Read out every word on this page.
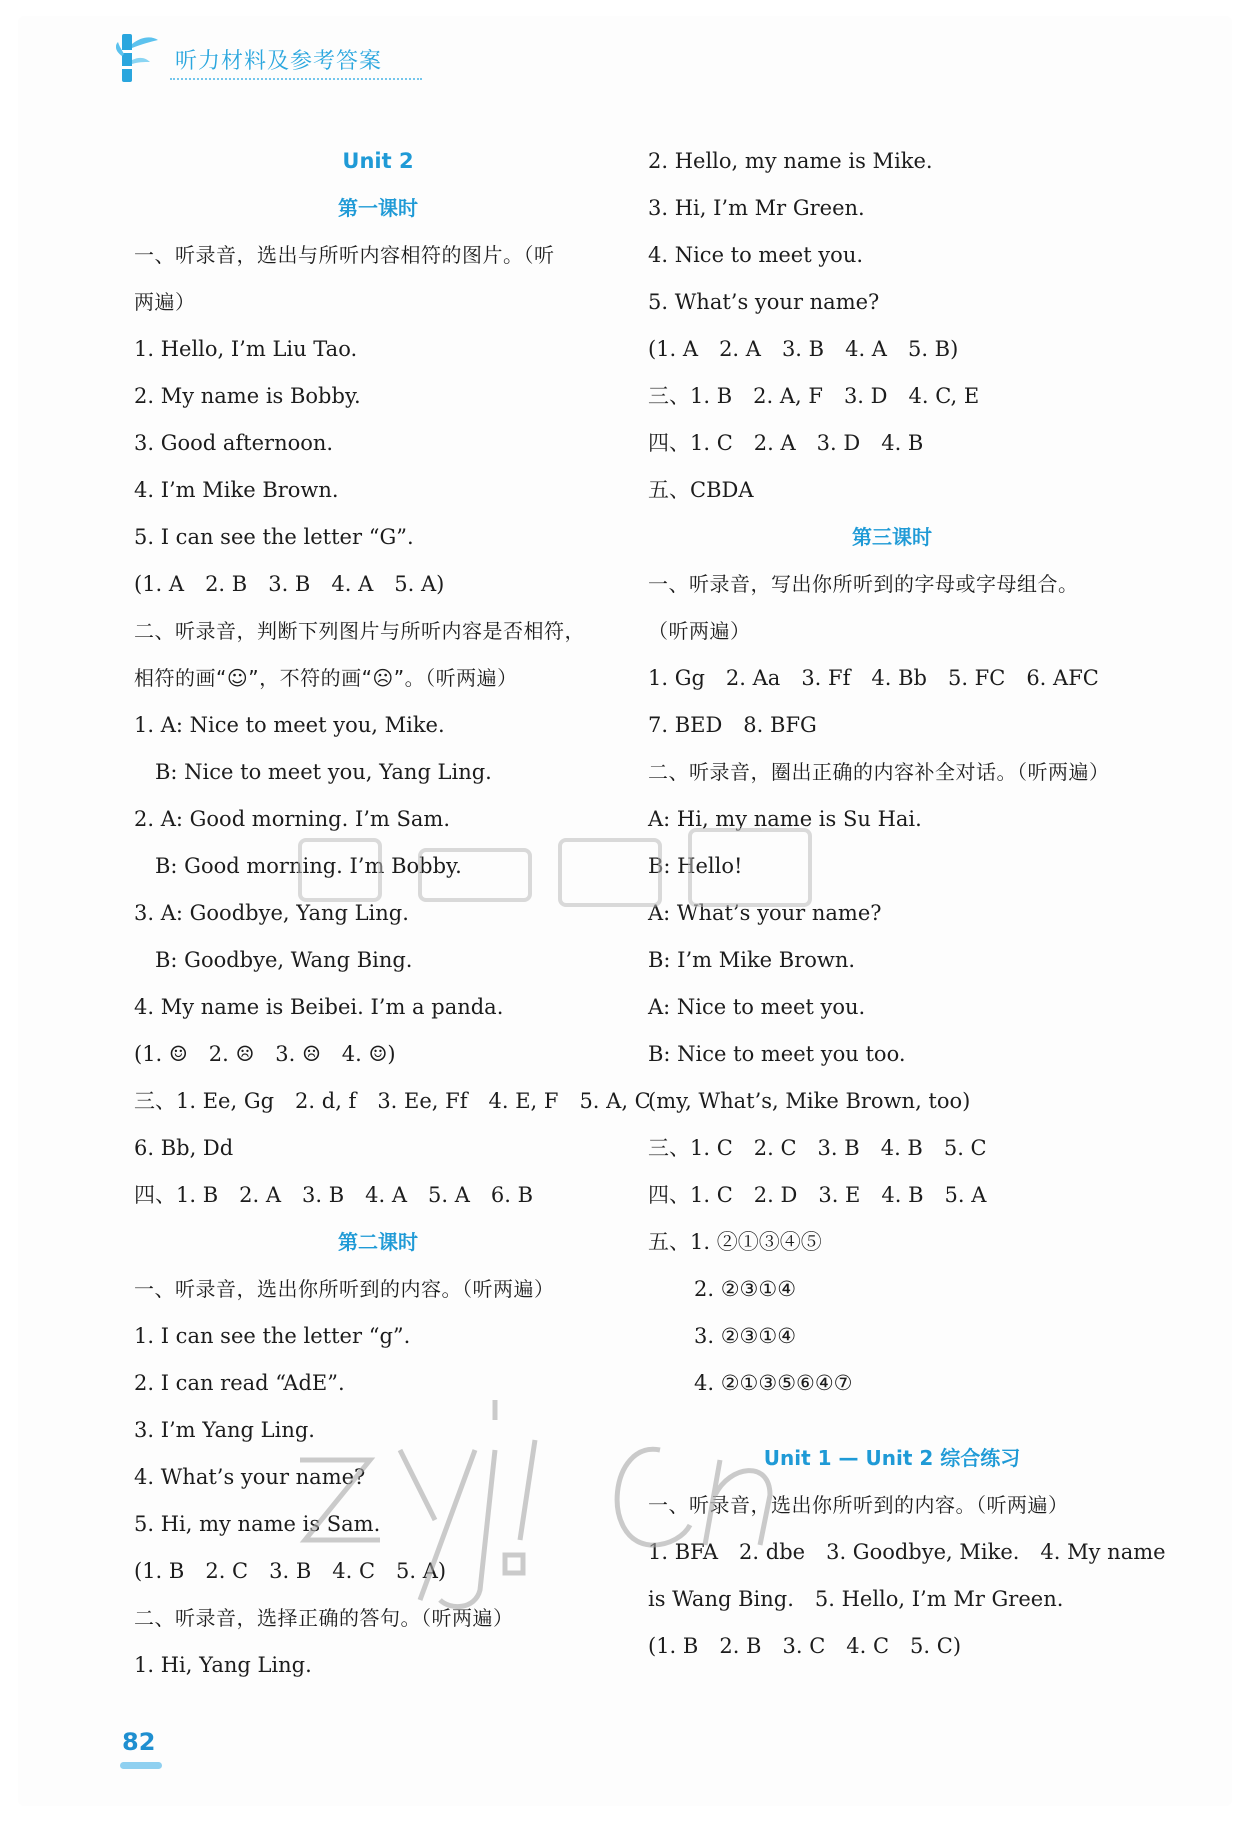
听力材料及参考答案
Unit 2
第一课时
一、听录音，选出与所听内容相符的图片。（听
两遍）
1. Hello, I’m Liu Tao.
2. My name is Bobby.
3. Good afternoon.
4. I’m Mike Brown.
5. I can see the letter “G”.
(1. A　2. B　3. B　4. A　5. A)
二、听录音，判断下列图片与所听内容是否相符，
相符的画“☺”，不符的画“☹”。（听两遍）
1. A: Nice to meet you, Mike.
B: Nice to meet you, Yang Ling.
2. A: Good morning. I’m Sam.
B: Good morning. I’m Bobby.
3. A: Goodbye, Yang Ling.
B: Goodbye, Wang Bing.
4. My name is Beibei. I’m a panda.
(1. ☺　2. ☹　3. ☹　4. ☺)
三、1. Ee, Gg　2. d, f　3. Ee, Ff　4. E, F　5. A, C
6. Bb, Dd
四、1. B　2. A　3. B　4. A　5. A　6. B
第二课时
一、听录音，选出你所听到的内容。（听两遍）
1. I can see the letter “g”.
2. I can read “AdE”.
3. I’m Yang Ling.
4. What’s your name?
5. Hi, my name is Sam.
(1. B　2. C　3. B　4. C　5. A)
二、听录音，选择正确的答句。（听两遍）
1. Hi, Yang Ling.
2. Hello, my name is Mike.
3. Hi, I’m Mr Green.
4. Nice to meet you.
5. What’s your name?
(1. A　2. A　3. B　4. A　5. B)
三、1. B　2. A, F　3. D　4. C, E
四、1. C　2. A　3. D　4. B
五、CBDA
第三课时
一、听录音，写出你所听到的字母或字母组合。
（听两遍）
1. Gg　2. Aa　3. Ff　4. Bb　5. FC　6. AFC
7. BED　8. BFG
二、听录音，圈出正确的内容补全对话。（听两遍）
A: Hi, my name is Su Hai.
B: Hello!
A: What’s your name?
B: I’m Mike Brown.
A: Nice to meet you.
B: Nice to meet you too.
(my, What’s, Mike Brown, too)
三、1. C　2. C　3. B　4. B　5. C
四、1. C　2. D　3. E　4. B　5. A
五、1. ②①③④⑤
2. ②③①④
3. ②③①④
4. ②①③⑤⑥④⑦
Unit 1 — Unit 2 综合练习
一、听录音，选出你所听到的内容。（听两遍）
1. BFA　2. dbe　3. Goodbye, Mike.　4. My name
is Wang Bing.　5. Hello, I’m Mr Green.
(1. B　2. B　3. C　4. C　5. C)
82
